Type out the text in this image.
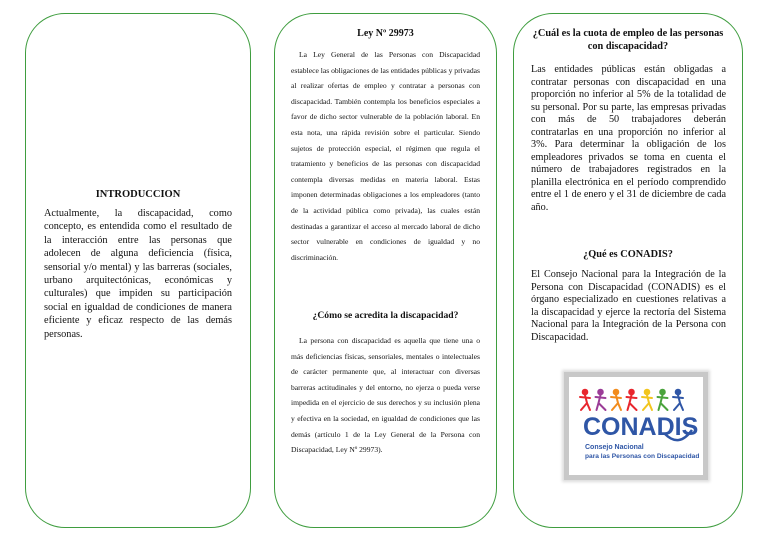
INTRODUCCION

Actualmente, la discapacidad, como concepto, es entendida como el resultado de la interacción entre las personas que adolecen de alguna deficiencia (física, sensorial y/o mental) y las barreras (sociales, urbano arquitectónicas, económicas y culturales) que impiden su participación social en igualdad de condiciones de manera eficiente y eficaz respecto de las demás personas.

Ley Nº 29973

La Ley General de las Personas con Discapacidad establece las obligaciones de las entidades públicas y privadas al realizar ofertas de empleo y contratar a personas con discapacidad. También contempla los beneficios especiales a favor de dicho sector vulnerable de la población laboral. En esta nota, una rápida revisión sobre el particular. Siendo sujetos de protección especial, el régimen que regula el tratamiento y beneficios de las personas con discapacidad contempla diversas medidas en materia laboral. Estas imponen determinadas obligaciones a los empleadores (tanto de la actividad pública como privada), las cuales están destinadas a garantizar el acceso al mercado laboral de dicho sector vulnerable en condiciones de igualdad y no discriminación.

¿Cómo se acredita la discapacidad?

La persona con discapacidad es aquella que tiene una o más deficiencias físicas, sensoriales, mentales o intelectuales de carácter permanente que, al interactuar con diversas barreras actitudinales y del entorno, no ejerza o pueda verse impedida en el ejercicio de sus derechos y su inclusión plena y efectiva en la sociedad, en igualdad de condiciones que las demás (artículo 1 de la Ley General de la Persona con Discapacidad, Ley Nº 29973).

¿Cuál es la cuota de empleo de las personas con discapacidad?

Las entidades públicas están obligadas a contratar personas con discapacidad en una proporción no inferior al 5% de la totalidad de su personal. Por su parte, las empresas privadas con más de 50 trabajadores deberán contratarlas en una proporción no inferior al 3%. Para determinar la obligación de los empleadores privados se toma en cuenta el número de trabajadores registrados en la planilla electrónica en el período comprendido entre el 1 de enero y el 31 de diciembre de cada año.

¿Qué es CONADIS?

El Consejo Nacional para la Integración de la Persona con Discapacidad (CONADIS) es el órgano especializado en cuestiones relativas a la discapacidad y ejerce la rectoría del Sistema Nacional para la Integración de la Persona con Discapacidad.

CONADIS
Consejo Nacional
para las Personas con Discapacidad
